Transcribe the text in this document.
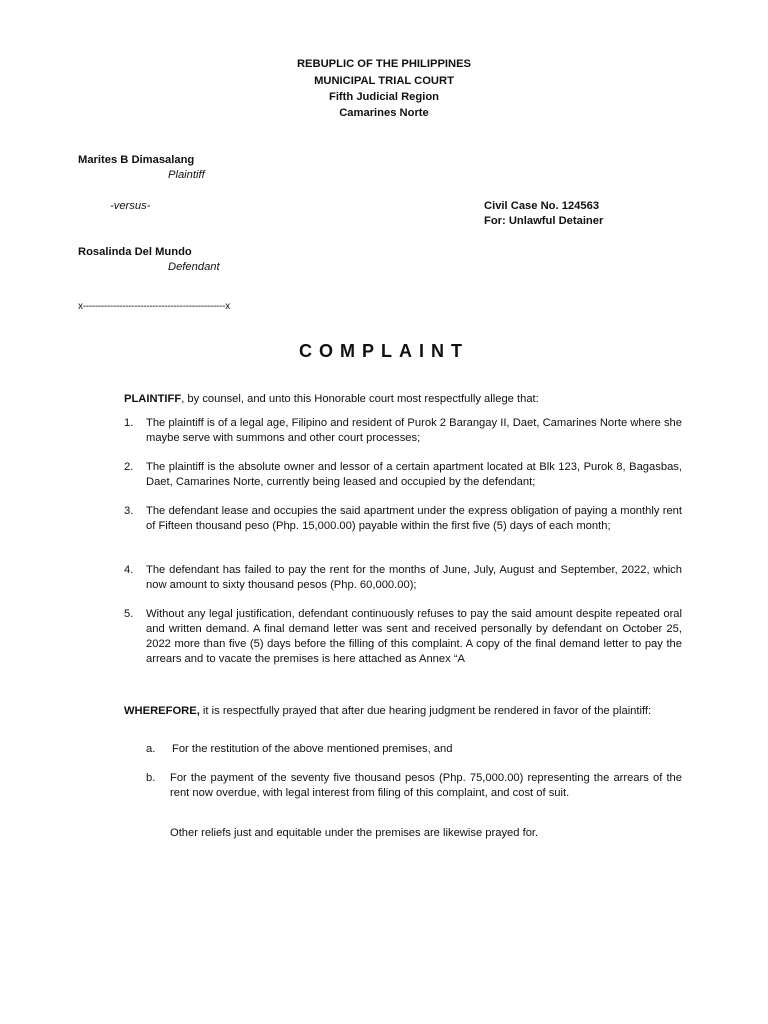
REBUPLIC OF THE PHILIPPINES
MUNICIPAL TRIAL COURT
Fifth Judicial Region
Camarines Norte
Marites B Dimasalang
Plaintiff
-versus-	Civil Case No. 124563
For: Unlawful Detainer
Rosalinda Del Mundo
Defendant
x-----------------------------------------------x
COMPLAINT
PLAINTIFF, by counsel, and unto this Honorable court most respectfully allege that:
1. The plaintiff is of a legal age, Filipino and resident of Purok 2 Barangay II, Daet, Camarines Norte where she maybe serve with summons and other court processes;
2. The plaintiff is the absolute owner and lessor of a certain apartment located at Blk 123, Purok 8, Bagasbas, Daet, Camarines Norte, currently being leased and occupied by the defendant;
3. The defendant lease and occupies the said apartment under the express obligation of paying a monthly rent of Fifteen thousand peso (Php. 15,000.00) payable within the first five (5) days of each month;
4. The defendant has failed to pay the rent for the months of June, July, August and September, 2022, which now amount to sixty thousand pesos (Php. 60,000.00);
5. Without any legal justification, defendant continuously refuses to pay the said amount despite repeated oral and written demand. A final demand letter was sent and received personally by defendant on October 25, 2022 more than five (5) days before the filling of this complaint. A copy of the final demand letter to pay the arrears and to vacate the premises is here attached as Annex “A
WHEREFORE, it is respectfully prayed that after due hearing judgment be rendered in favor of the plaintiff:
a. For the restitution of the above mentioned premises, and
b. For the payment of the seventy five thousand pesos (Php. 75,000.00) representing the arrears of the rent now overdue, with legal interest from filing of this complaint, and cost of suit.
Other reliefs just and equitable under the premises are likewise prayed for.
